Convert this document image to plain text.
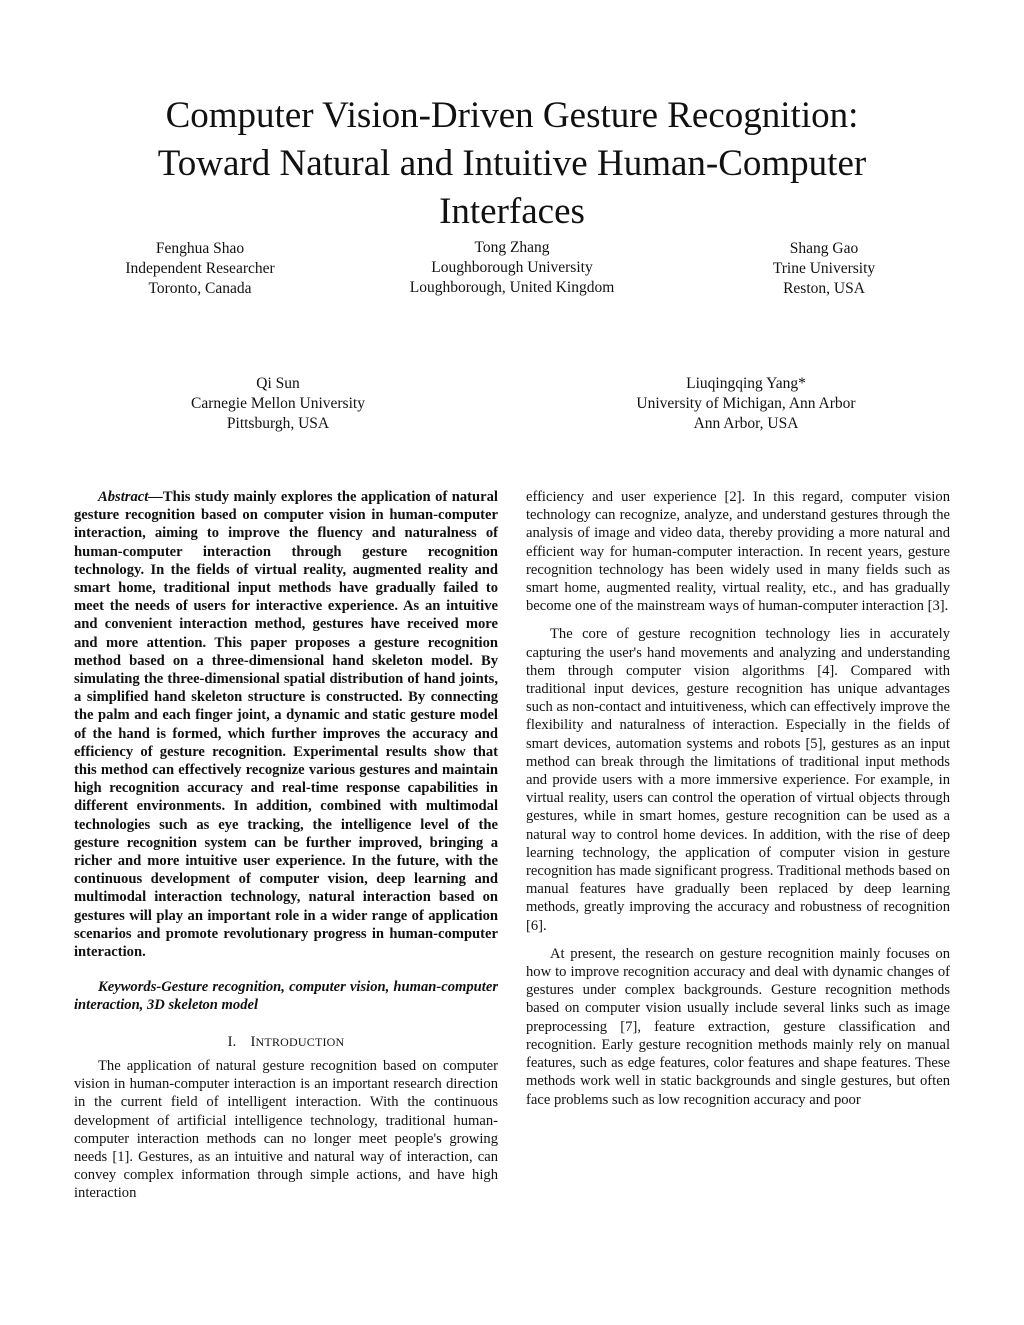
Computer Vision-Driven Gesture Recognition:
Toward Natural and Intuitive Human-Computer
Interfaces
Fenghua Shao
Independent Researcher
Toronto, Canada
Tong Zhang
Loughborough University
Loughborough, United Kingdom
Shang Gao
Trine University
Reston, USA
Qi Sun
Carnegie Mellon University
Pittsburgh, USA
Liuqingqing Yang*
University of Michigan, Ann Arbor
Ann Arbor, USA

Abstract—This study mainly explores the application of natural gesture recognition based on computer vision in human-computer interaction, aiming to improve the fluency and naturalness of human-computer interaction through gesture recognition technology. In the fields of virtual reality, augmented reality and smart home, traditional input methods have gradually failed to meet the needs of users for interactive experience. As an intuitive and convenient interaction method, gestures have received more and more attention. This paper proposes a gesture recognition method based on a three-dimensional hand skeleton model. By simulating the three-dimensional spatial distribution of hand joints, a simplified hand skeleton structure is constructed. By connecting the palm and each finger joint, a dynamic and static gesture model of the hand is formed, which further improves the accuracy and efficiency of gesture recognition. Experimental results show that this method can effectively recognize various gestures and maintain high recognition accuracy and real-time response capabilities in different environments. In addition, combined with multimodal technologies such as eye tracking, the intelligence level of the gesture recognition system can be further improved, bringing a richer and more intuitive user experience. In the future, with the continuous development of computer vision, deep learning and multimodal interaction technology, natural interaction based on gestures will play an important role in a wider range of application scenarios and promote revolutionary progress in human-computer interaction.

Keywords-Gesture recognition, computer vision, human-computer interaction, 3D skeleton model

I. INTRODUCTION

The application of natural gesture recognition based on computer vision in human-computer interaction is an important research direction in the current field of intelligent interaction. With the continuous development of artificial intelligence technology, traditional human-computer interaction methods can no longer meet people's growing needs [1]. Gestures, as an intuitive and natural way of interaction, can convey complex information through simple actions, and have high interaction

efficiency and user experience [2]. In this regard, computer vision technology can recognize, analyze, and understand gestures through the analysis of image and video data, thereby providing a more natural and efficient way for human-computer interaction. In recent years, gesture recognition technology has been widely used in many fields such as smart home, augmented reality, virtual reality, etc., and has gradually become one of the mainstream ways of human-computer interaction [3].

The core of gesture recognition technology lies in accurately capturing the user's hand movements and analyzing and understanding them through computer vision algorithms [4]. Compared with traditional input devices, gesture recognition has unique advantages such as non-contact and intuitiveness, which can effectively improve the flexibility and naturalness of interaction. Especially in the fields of smart devices, automation systems and robots [5], gestures as an input method can break through the limitations of traditional input methods and provide users with a more immersive experience. For example, in virtual reality, users can control the operation of virtual objects through gestures, while in smart homes, gesture recognition can be used as a natural way to control home devices. In addition, with the rise of deep learning technology, the application of computer vision in gesture recognition has made significant progress. Traditional methods based on manual features have gradually been replaced by deep learning methods, greatly improving the accuracy and robustness of recognition [6].

At present, the research on gesture recognition mainly focuses on how to improve recognition accuracy and deal with dynamic changes of gestures under complex backgrounds. Gesture recognition methods based on computer vision usually include several links such as image preprocessing [7], feature extraction, gesture classification and recognition. Early gesture recognition methods mainly rely on manual features, such as edge features, color features and shape features. These methods work well in static backgrounds and single gestures, but often face problems such as low recognition accuracy and poor
